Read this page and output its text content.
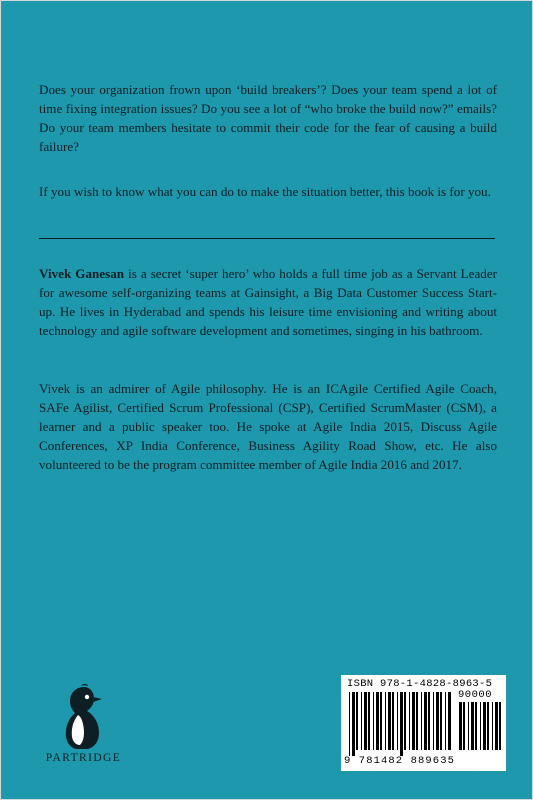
Does your organization frown upon ‘build breakers’? Does your team spend a lot of time fixing integration issues? Do you see a lot of “who broke the build now?” emails? Do your team members hesitate to commit their code for the fear of causing a build failure?

If you wish to know what you can do to make the situation better, this book is for you.

Vivek Ganesan is a secret ‘super hero’ who holds a full time job as a Servant Leader for awesome self-organizing teams at Gainsight, a Big Data Customer Success Start-up. He lives in Hyderabad and spends his leisure time envisioning and writing about technology and agile software development and sometimes, singing in his bathroom.

Vivek is an admirer of Agile philosophy. He is an ICAgile Certified Agile Coach, SAFe Agilist, Certified Scrum Professional (CSP), Certified ScrumMaster (CSM), a learner and a public speaker too. He spoke at Agile India 2015, Discuss Agile Conferences, XP India Conference, Business Agility Road Show, etc. He also volunteered to be the program committee member of Agile India 2016 and 2017.

PARTRIDGE
ISBN 978-1-4828-8963-5
90000
9 781482 889635
